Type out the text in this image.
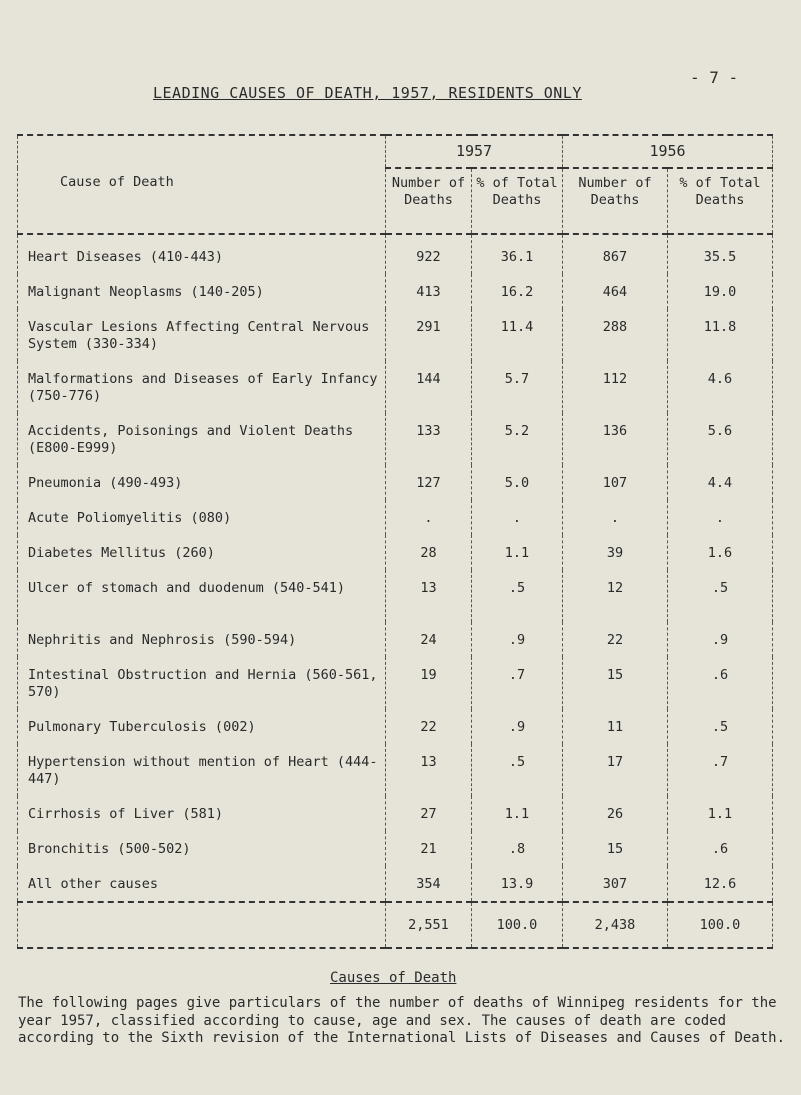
- 7 -
LEADING CAUSES OF DEATH, 1957, RESIDENTS ONLY
Cause of Death	1957		1956	
	Number of Deaths	% of Total Deaths	Number of Deaths	% of Total Deaths
Heart Diseases (410-443)	922	36.1	867	35.5
Malignant Neoplasms (140-205)	413	16.2	464	19.0
Vascular Lesions Affecting Central Nervous System (330-334)	291	11.4	288	11.8
Malformations and Diseases of Early Infancy (750-776)	144	5.7	112	4.6
Accidents, Poisonings and Violent Deaths (E800-E999)	133	5.2	136	5.6
Pneumonia (490-493)	127	5.0	107	4.4
Acute Poliomyelitis (080)	.	.	.	.
Diabetes Mellitus (260)	28	1.1	39	1.6
Ulcer of stomach and duodenum (540-541)	13	.5	12	.5
Nephritis and Nephrosis (590-594)	24	.9	22	.9
Intestinal Obstruction and Hernia (560-561, 570)	19	.7	15	.6
Pulmonary Tuberculosis (002)	22	.9	11	.5
Hypertension without mention of Heart (444-447)	13	.5	17	.7
Cirrhosis of Liver (581)	27	1.1	26	1.1
Bronchitis (500-502)	21	.8	15	.6
All other causes	354	13.9	307	12.6
	2,551	100.0	2,438	100.0
Causes of Death
The following pages give particulars of the number of deaths of Winnipeg residents for the year 1957, classified according to cause, age and sex. The causes of death are coded according to the Sixth revision of the International Lists of Diseases and Causes of Death.
